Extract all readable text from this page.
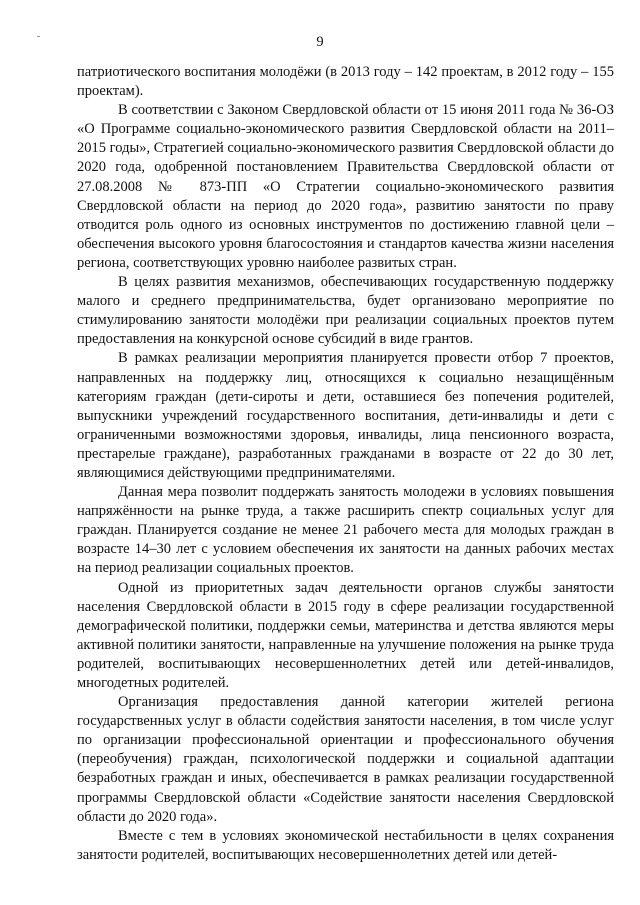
9

патриотического воспитания молодёжи (в 2013 году – 142 проектам, в 2012 году – 155 проектам).

В соответствии с Законом Свердловской области от 15 июня 2011 года № 36-ОЗ «О Программе социально-экономического развития Свердловской области на 2011–2015 годы», Стратегией социально-экономического развития Свердловской области до 2020 года, одобренной постановлением Правительства Свердловской области от 27.08.2008 № 873-ПП «О Стратегии социально-экономического развития Свердловской области на период до 2020 года», развитию занятости по праву отводится роль одного из основных инструментов по достижению главной цели – обеспечения высокого уровня благосостояния и стандартов качества жизни населения региона, соответствующих уровню наиболее развитых стран.

В целях развития механизмов, обеспечивающих государственную поддержку малого и среднего предпринимательства, будет организовано мероприятие по стимулированию занятости молодёжи при реализации социальных проектов путем предоставления на конкурсной основе субсидий в виде грантов.

В рамках реализации мероприятия планируется провести отбор 7 проектов, направленных на поддержку лиц, относящихся к социально незащищённым категориям граждан (дети-сироты и дети, оставшиеся без попечения родителей, выпускники учреждений государственного воспитания, дети-инвалиды и дети с ограниченными возможностями здоровья, инвалиды, лица пенсионного возраста, престарелые граждане), разработанных гражданами в возрасте от 22 до 30 лет, являющимися действующими предпринимателями.

Данная мера позволит поддержать занятость молодежи в условиях повышения напряжённости на рынке труда, а также расширить спектр социальных услуг для граждан. Планируется создание не менее 21 рабочего места для молодых граждан в возрасте 14–30 лет с условием обеспечения их занятости на данных рабочих местах на период реализации социальных проектов.

Одной из приоритетных задач деятельности органов службы занятости населения Свердловской области в 2015 году в сфере реализации государственной демографической политики, поддержки семьи, материнства и детства являются меры активной политики занятости, направленные на улучшение положения на рынке труда родителей, воспитывающих несовершеннолетних детей или детей-инвалидов, многодетных родителей.

Организация предоставления данной категории жителей региона государственных услуг в области содействия занятости населения, в том числе услуг по организации профессиональной ориентации и профессионального обучения (переобучения) граждан, психологической поддержки и социальной адаптации безработных граждан и иных, обеспечивается в рамках реализации государственной программы Свердловской области «Содействие занятости населения Свердловской области до 2020 года».

Вместе с тем в условиях экономической нестабильности в целях сохранения занятости родителей, воспитывающих несовершеннолетних детей или детей-
